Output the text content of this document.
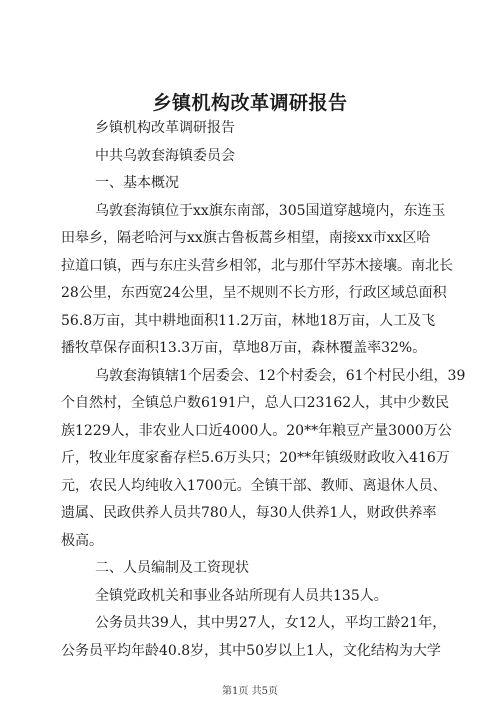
乡镇机构改革调研报告
乡镇机构改革调研报告
中共乌敦套海镇委员会
一、基本概况
乌敦套海镇位于xx旗东南部，305国道穿越境内，东连玉
田皋乡，隔老哈河与xx旗古鲁板蒿乡相望，南接xx市xx区哈
拉道口镇，西与东庄头营乡相邻，北与那什罕苏木接壤。南北长
28公里，东西宽24公里，呈不规则不长方形，行政区域总面积
56.8万亩，其中耕地面积11.2万亩，林地18万亩，人工及飞
播牧草保存面积13.3万亩，草地8万亩，森林覆盖率32%。
乌敦套海镇辖1个居委会、12个村委会，61个村民小组，39
个自然村，全镇总户数6191户，总人口23162人，其中少数民
族1229人，非农业人口近4000人。20**年粮豆产量3000万公
斤，牧业年度家畜存栏5.6万头只；20**年镇级财政收入416万
元，农民人均纯收入1700元。全镇干部、教师、离退休人员、
遗属、民政供养人员共780人，每30人供养1人，财政供养率
极高。
二、人员编制及工资现状
全镇党政机关和事业各站所现有人员共135人。
公务员共39人，其中男27人，女12人，平均工龄21年，
公务员平均年龄40.8岁，其中50岁以上1人，文化结构为大学
第1页 共5页
